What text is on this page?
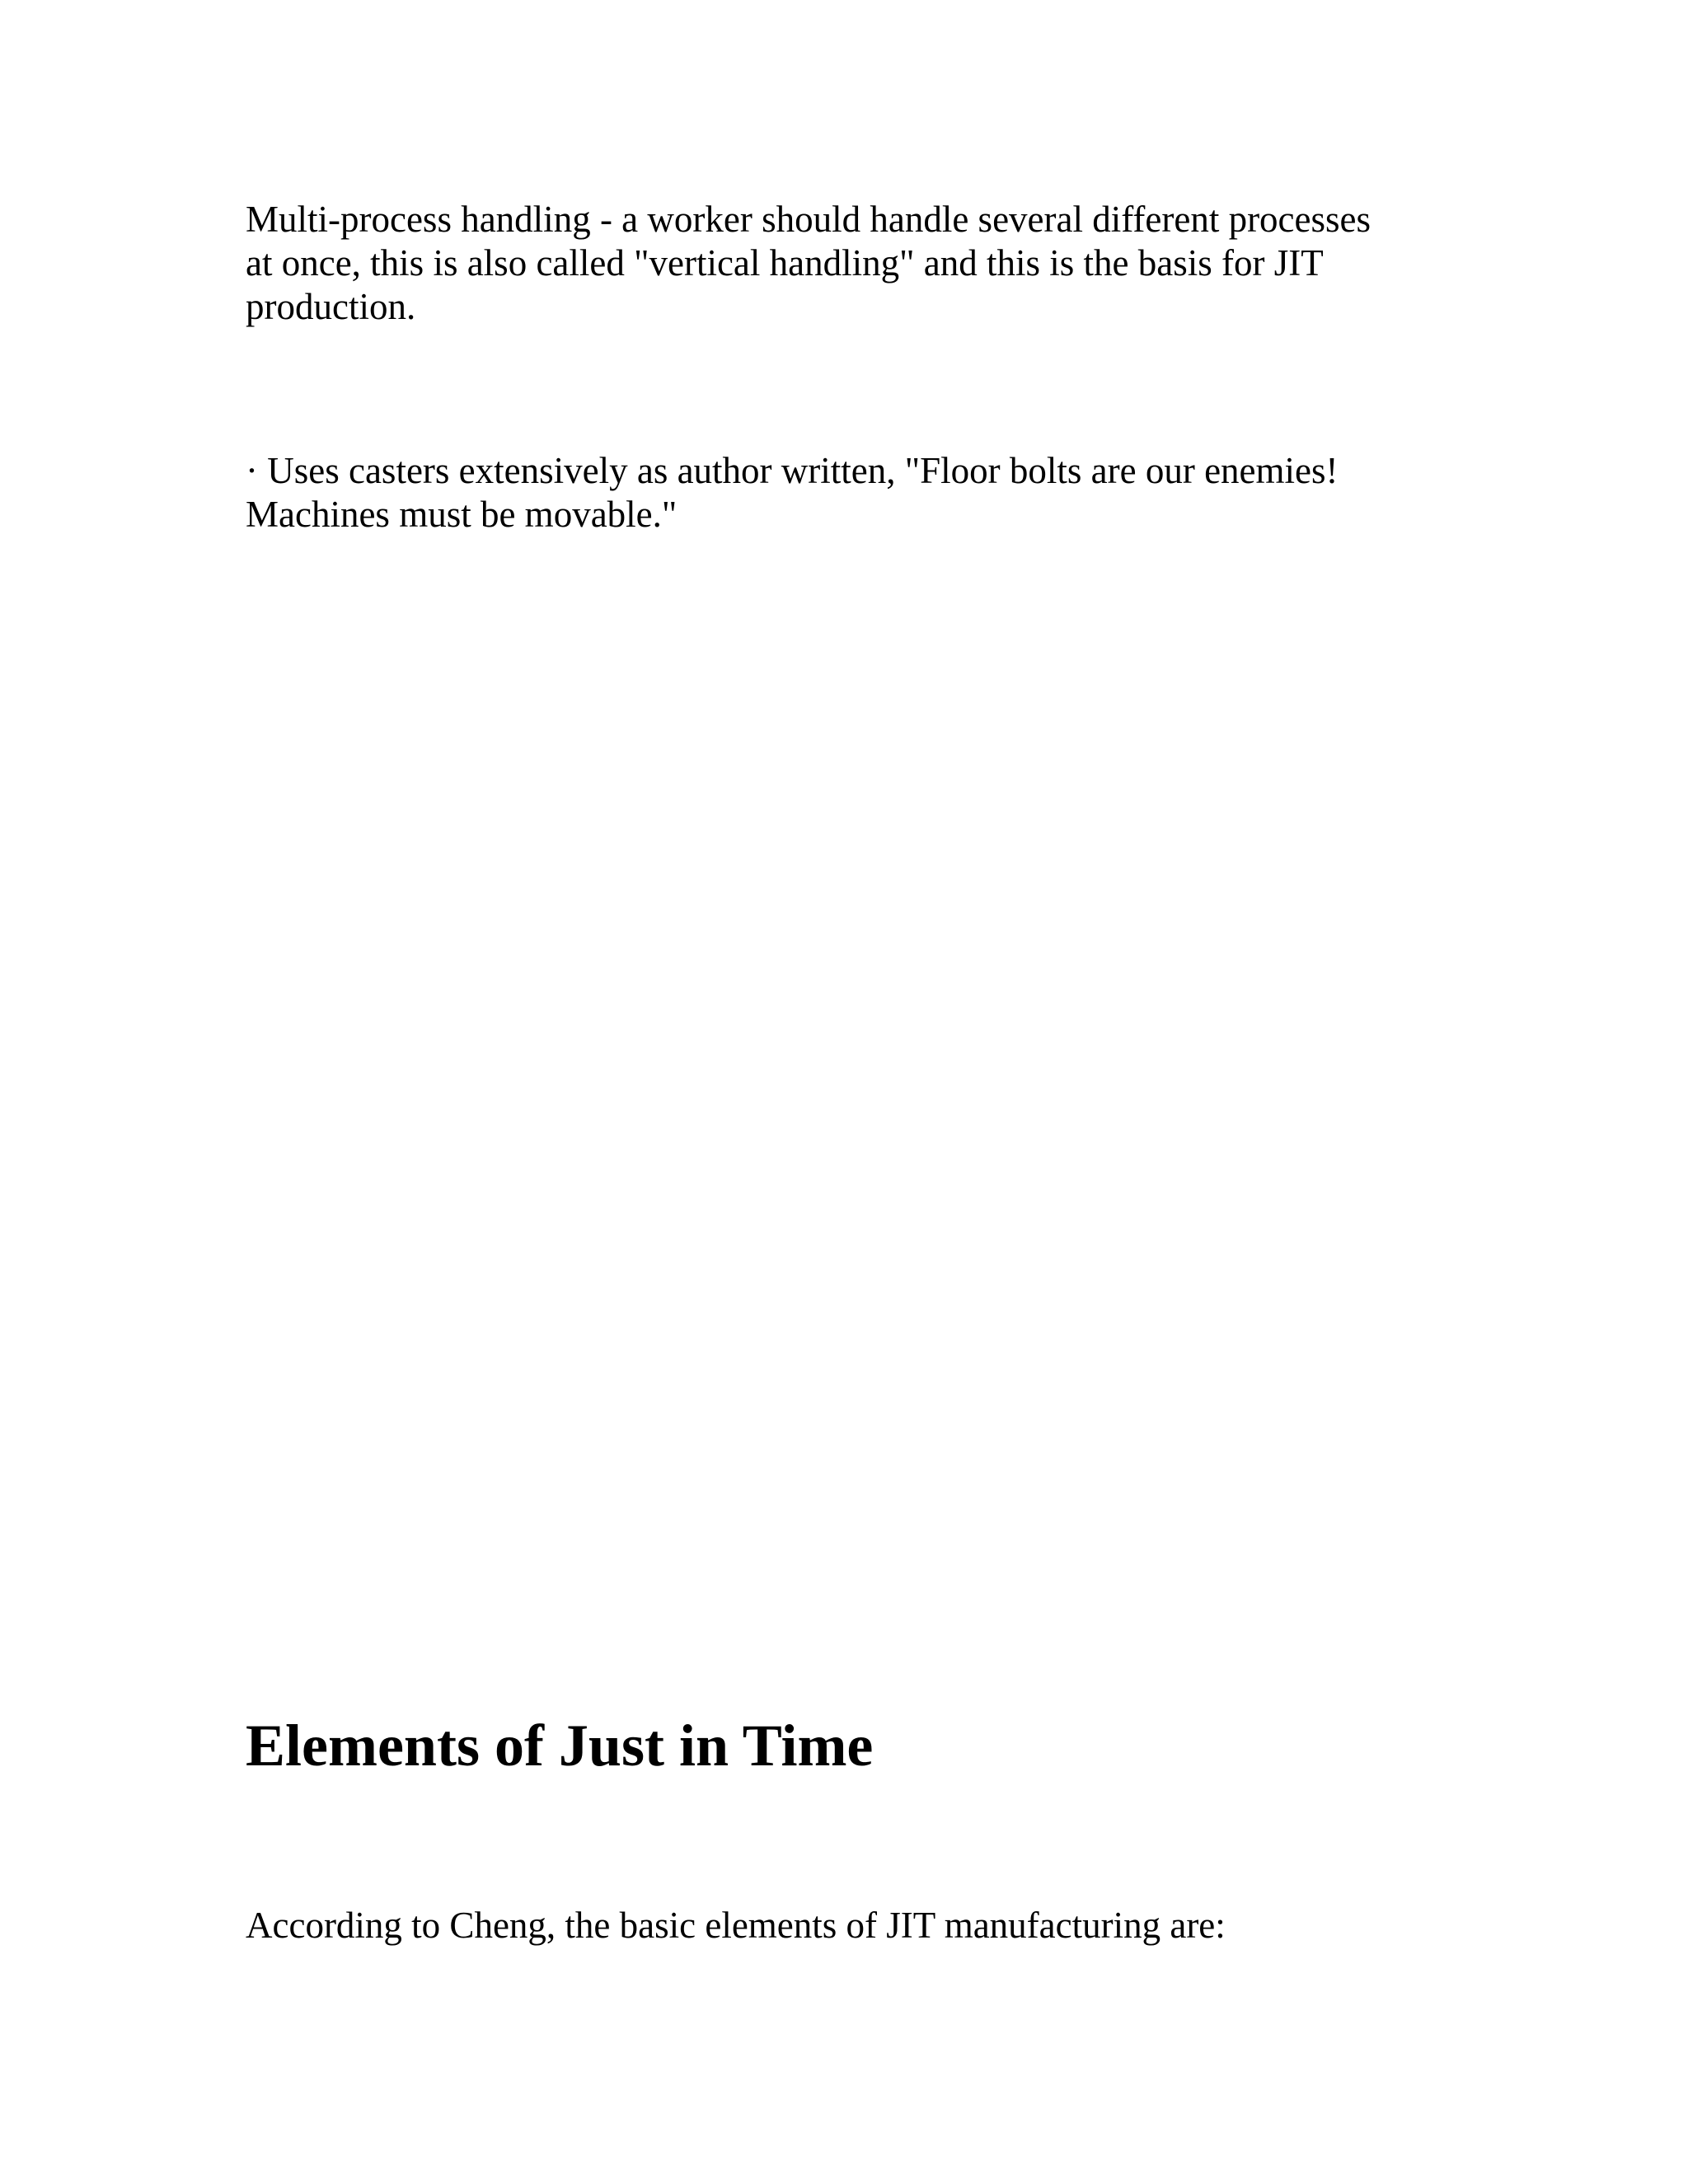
Multi-process handling - a worker should handle several different processes
at once, this is also called "vertical handling" and this is the basis for JIT
production.

· Uses casters extensively as author written, "Floor bolts are our enemies!
Machines must be movable."

Elements of Just in Time

According to Cheng, the basic elements of JIT manufacturing are:
